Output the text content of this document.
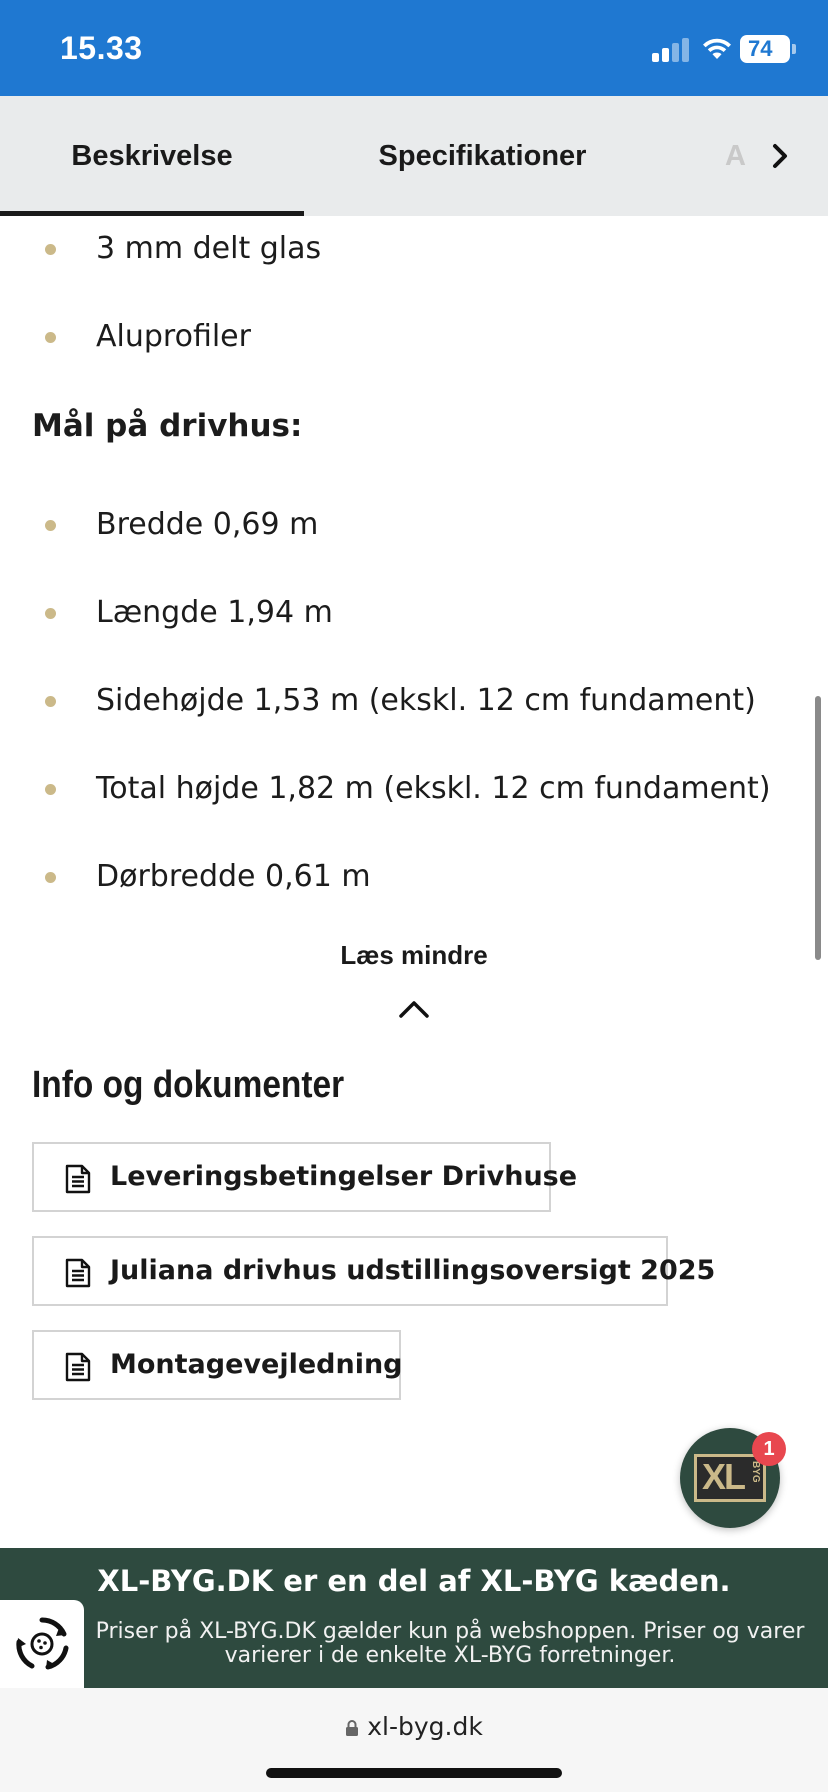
15.33	74
Beskrivelse	Specifikationer	A
3 mm delt glas
Aluprofiler
Mål på drivhus:
Bredde 0,69 m
Længde 1,94 m
Sidehøjde 1,53 m (ekskl. 12 cm fundament)
Total højde 1,82 m (ekskl. 12 cm fundament)
Dørbredde 0,61 m
Læs mindre
Info og dokumenter
Leveringsbetingelser Drivhuse
Juliana drivhus udstillingsoversigt 2025
Montagevejledning
XL BYG
1
XL-BYG.DK er en del af XL-BYG kæden.
Priser på XL-BYG.DK gælder kun på webshoppen. Priser og varer varierer i de enkelte XL-BYG forretninger.
xl-byg.dk
